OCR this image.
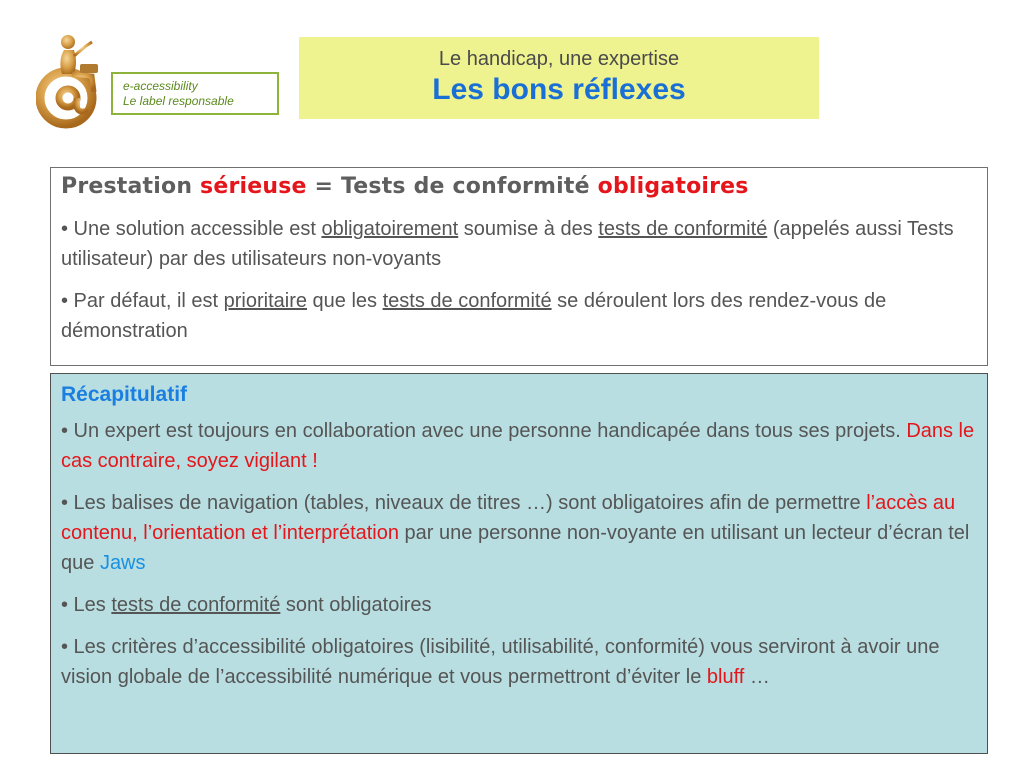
e-accessibility
Le label responsable
Le handicap, une expertise
Les bons réflexes
Prestation sérieuse = Tests de conformité obligatoires
• Une solution accessible est obligatoirement soumise à des tests de conformité (appelés aussi Tests utilisateur) par des utilisateurs non-voyants
• Par défaut, il est prioritaire que les tests de conformité se déroulent lors des rendez-vous de démonstration
Récapitulatif
• Un expert est toujours en collaboration avec une personne handicapée dans tous ses projets. Dans le cas contraire, soyez vigilant !
• Les balises de navigation (tables, niveaux de titres …) sont obligatoires afin de permettre l’accès au contenu, l’orientation et l’interprétation par une personne non-voyante en utilisant un lecteur d’écran tel que Jaws
• Les tests de conformité sont obligatoires
• Les critères d’accessibilité obligatoires (lisibilité, utilisabilité, conformité) vous serviront à avoir une vision globale de l’accessibilité numérique et vous permettront d’éviter le bluff …
